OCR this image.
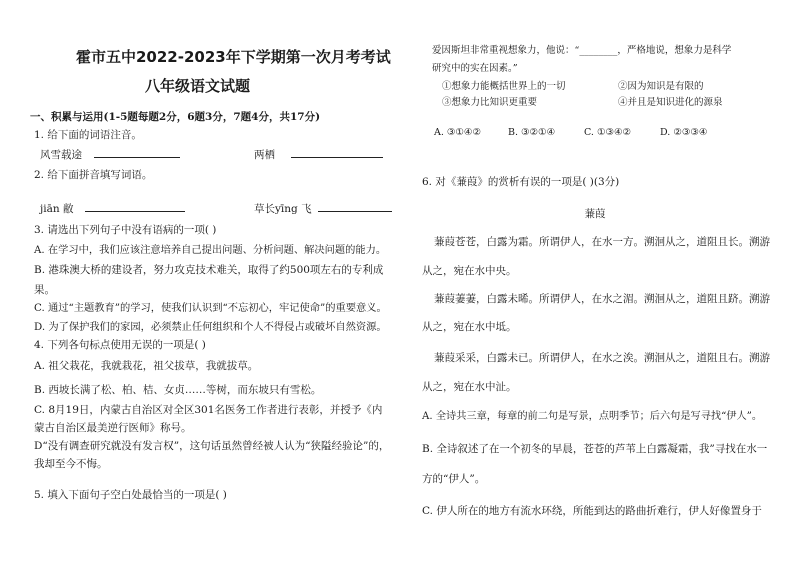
霍市五中2022-2023年下学期第一次月考考试
八年级语文试题
一、积累与运用(1-5题每题2分，6题3分，7题4分，共17分)
1. 给下面的词语注音。
风雪载途	两栖
2. 给下面拼音填写词语。
jiān 敝	草长yīng 飞
3. 请选出下列句子中没有语病的一项( )
A. 在学习中，我们应该注意培养自己提出问题、分析问题、解决问题的能力。
B. 港珠澳大桥的建设者，努力攻克技术难关，取得了约500项左右的专利成
果。
C. 通过“主题教育”的学习，使我们认识到“不忘初心，牢记使命”的重要意义。
D. 为了保护我们的家园，必须禁止任何组织和个人不得侵占或破坏自然资源。
4. 下列各句标点使用无误的一项是( )
A. 祖父栽花，我就栽花，祖父拔草，我就拔草。
B. 西坡长满了松、柏、桔、女贞……等树，而东坡只有雪松。
C. 8月19日，内蒙古自治区对全区301名医务工作者进行表彰，并授予《内
蒙古自治区最美逆行医师》称号。
D“没有调查研究就没有发言权”，这句话虽然曾经被人认为“狭隘经验论”的，
我却至今不悔。
5. 填入下面句子空白处最恰当的一项是( )
爱因斯坦非常重视想象力，他说：“________，严格地说，想象力是科学
研究中的实在因素。”
①想象力能概括世界上的一切	②因为知识是有限的
③想象力比知识更重要	④并且是知识进化的源泉
A. ③①④②	B. ③②①④	C. ①③④②	D. ②③③④
6. 对《蒹葭》的赏析有误的一项是( )(3分)
蒹葭
蒹葭苍苍，白露为霜。所谓伊人，在水一方。溯洄从之，道阻且长。溯游
从之，宛在水中央。
蒹葭萋萋，白露未晞。所谓伊人，在水之湄。溯洄从之，道阻且跻。溯游
从之，宛在水中坻。
蒹葭采采，白露未已。所谓伊人，在水之涘。溯洄从之，道阻且右。溯游
从之，宛在水中沚。
A. 全诗共三章，每章的前二句是写景，点明季节；后六句是写寻找“伊人”。
B. 全诗叙述了在一个初冬的早晨，苍苍的芦苇上白露凝霜，我”寻找在水一
方的“伊人”。
C. 伊人所在的地方有流水环绕，所能到达的路曲折难行，伊人好像置身于
